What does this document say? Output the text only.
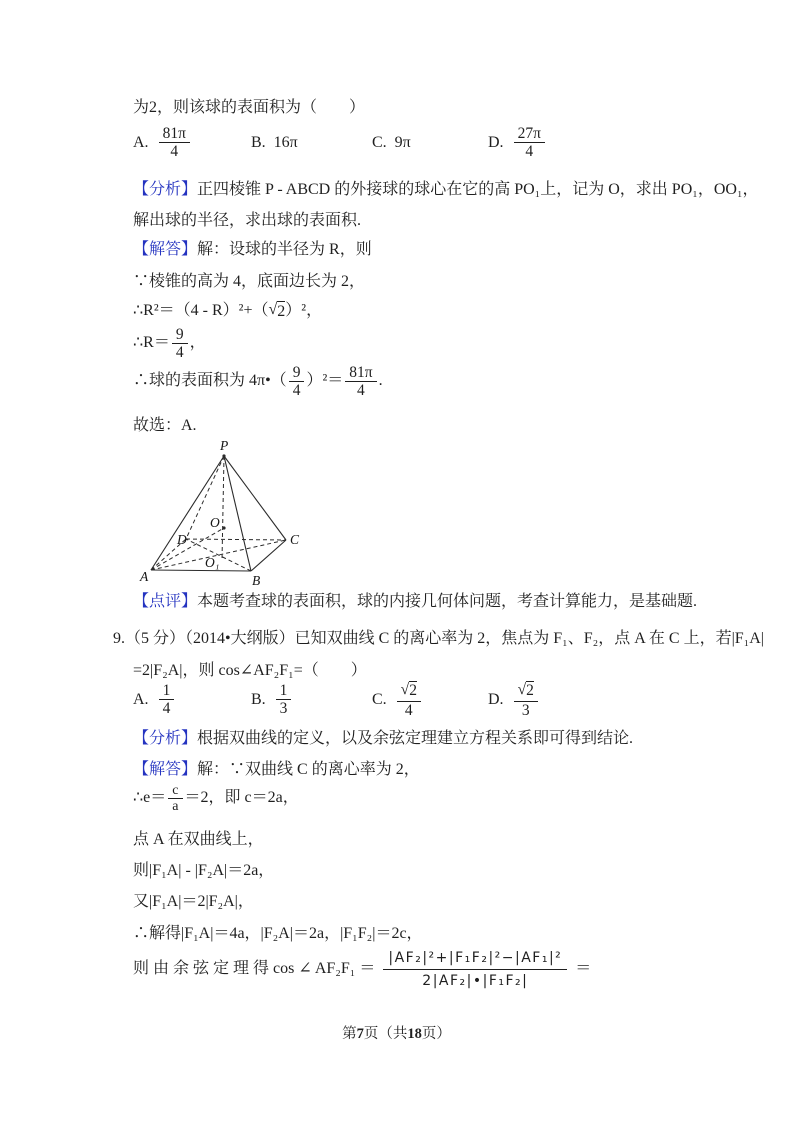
为2，则该球的表面积为（　　）
A. $\frac{81\pi}{4}$	B. 16π	C. 9π	D. $\frac{27\pi}{4}$
【分析】 正四棱锥 P - ABCD 的外接球的球心在它的高 PO₁上，记为 O，求出 PO₁，OO₁，
解出球的半径，求出球的表面积.
【解答】 解：设球的半径为 R，则
∵棱锥的高为 4，底面边长为 2，
∴R²＝（4 - R）²+（ √ 2 ）²，
∴R＝ $\frac{9}{4}$ ，
∴球的表面积为 4π•（ $\frac{9}{4} )^2= \frac{81\pi}{4}$ .
故选：A.
P
A	B
C
D
O
O₁
【点评】 本题考查球的表面积，球的内接几何体问题，考查计算能力，是基础题.
9.（5 分）（2014•大纲版）已知双曲线 C 的离心率为 2，焦点为 F₁、F₂，点 A 在 C 上，若|F₁A|
=2|F₂A|，则 cos∠AF₂F₁=（　　）
A. $\frac{1}{4}$	B. $\frac{1}{3}$	C. $\frac{√ 2}{4}$	D. $\frac{√ 2}{3}$
【分析】 根据双曲线的定义，以及余弦定理建立方程关系即可得到结论.
【解答】 解：∵双曲线 C 的离心率为 2，
∴e＝ $\frac{c}{a} =2$，即 c＝2a，
点 A 在双曲线上，
则|F₁A| - |F₂A|＝2a，
又|F₁A|＝2|F₂A|，
∴解得|F₁A|＝4a，|F₂A|＝2a，|F₁F₂|＝2c，
则 由 余 弦 定 理 得 cos ∠ $AF_2F_1 = \frac{\text{|AF₂|²+|F₁F₂|²−|AF₁|²}}{\text{2|AF₂|•|F₁F₂|}}$ ＝
第7页（共18页）
